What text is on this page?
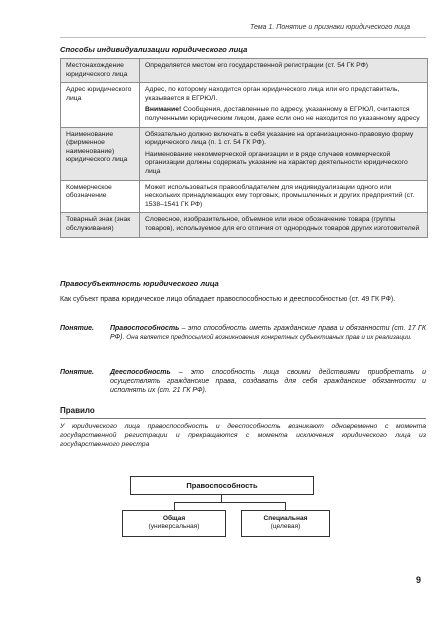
Тема 1. Понятие и признаки юридического лица
Способы индивидуализации юридического лица
Местонахождение юридического лица

Определяется местом его государственной регистрации (ст. 54 ГК РФ)

Адрес юридического лица

Адрес, по которому находится орган юридического лица или его представитель, указывается в ЕГРЮЛ.

Внимание! Сообщения, доставленные по адресу, указанному в ЕГРЮЛ, считаются полученными юридическим лицом, даже если оно не находится по указанному адресу

Наименование (фирменное наименование) юридического лица

Обязательно должно включать в себя указание на организационно-правовую форму юридического лица (п. 1 ст. 54 ГК РФ).

Наименование некоммерческой организации и в ряде случаев коммерческой организации должны содержать указание на характер деятельности юридического лица

Коммерческое обозначение

Может использоваться правообладателем для индивидуализации одного или нескольких принадлежащих ему торговых, промышленных и других предприятий (ст. 1538–1541 ГК РФ)

Товарный знак (знак обслуживания)

Словесное, изобразительное, объемное или иное обозначение товара (группы товаров), используемое для его отличия от однородных товаров других изготовителей

Правосубъектность юридического лица
Как субъект права юридическое лицо обладает правоспособностью и дееспособностью (ст. 49 ГК РФ).
Понятие.	Правоспособность – это способность иметь гражданские права и обязанности (ст. 17 ГК РФ). Она является предпосылкой возникновения конкретных субъективных прав и их реализации.
Понятие.	Дееспособность – это способность лица своими действиями приобретать и осуществлять гражданские права, создавать для себя гражданские обязанности и исполнять их (ст. 21 ГК РФ).
Правило
У юридического лица правоспособность и дееспособность возникают одновременно с момента государственной регистрации и прекращаются с момента исключения юридического лица из государственного реестра
Правоспособность
Общая
(универсальная)
Специальная
(целевая)
9
